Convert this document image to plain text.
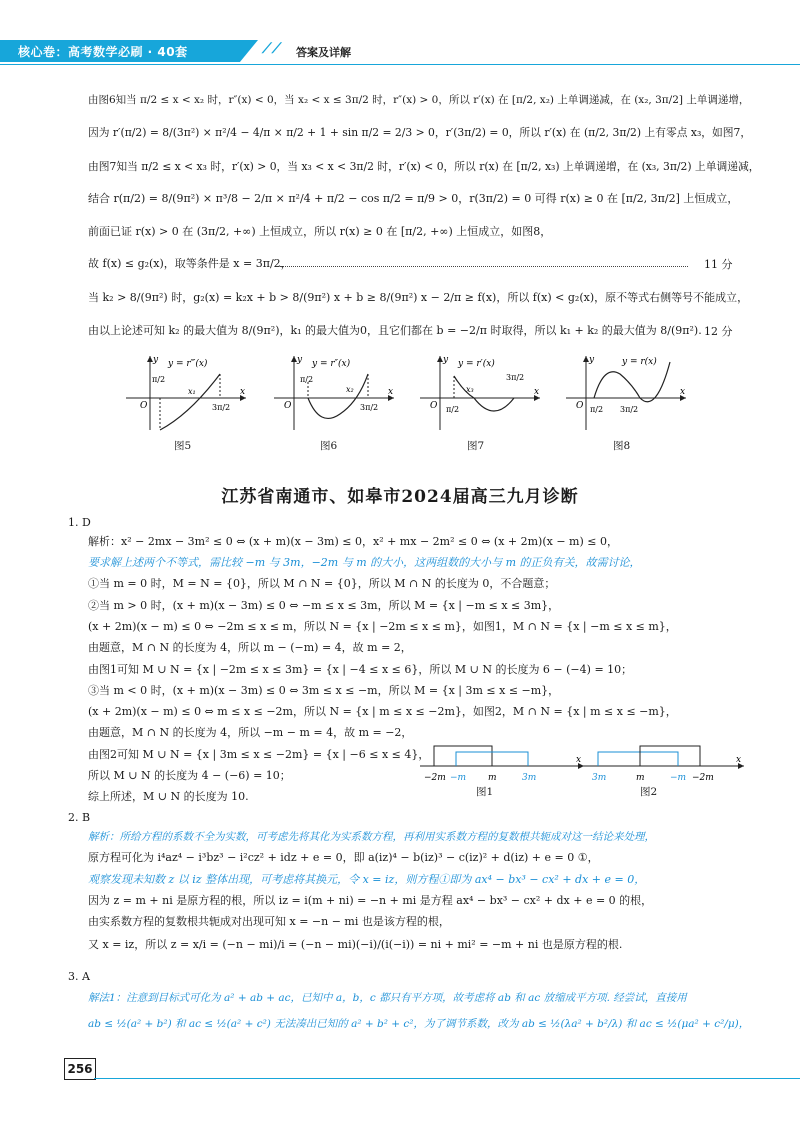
核心卷：高考数学必刷 · 40套	⟋⟋ 答案及详解
由图6知当 π/2 ≤ x < x₂ 时，r″(x) < 0，当 x₂ < x ≤ 3π/2 时，r″(x) > 0，所以 r′(x) 在 [π/2, x₂) 上单调递减，在 (x₂, 3π/2] 上单调递增，
因为 r′(π/2) = 8/(3π²) × π²/4 − 4/π × π/2 + 1 + sin π/2 = 2/3 > 0，r′(3π/2) = 0，所以 r′(x) 在 (π/2, 3π/2) 上有零点 x₃，如图7，
由图7知当 π/2 ≤ x < x₃ 时，r′(x) > 0，当 x₃ < x < 3π/2 时，r′(x) < 0，所以 r(x) 在 [π/2, x₃) 上单调递增，在 (x₃, 3π/2) 上单调递减，
结合 r(π/2) = 8/(9π²) × π³/8 − 2/π × π²/4 + π/2 − cos π/2 = π/9 > 0，r(3π/2) = 0 可得 r(x) ≥ 0 在 [π/2, 3π/2] 上恒成立，
前面已证 r(x) > 0 在 (3π/2, +∞) 上恒成立，所以 r(x) ≥ 0 在 [π/2, +∞) 上恒成立，如图8，
故 f(x) ≤ g₂(x)，取等条件是 x = 3π/2，	11 分
当 k₂ > 8/(9π²) 时，g₂(x) = k₂x + b > 8/(9π²) x + b ≥ 8/(9π²) x − 2/π ≥ f(x)，所以 f(x) < g₂(x)，原不等式右侧等号不能成立，
由以上论述可知 k₂ 的最大值为 8/(9π²)，k₁ 的最大值为0，且它们都在 b = −2/π 时取得，所以 k₁ + k₂ 的最大值为 8/(9π²). 12 分
y
x
O
π/2
3π/2
x₁
y = r‴(x)
图5
y
x
O
π/2
3π/2
x₂
y = r″(x)
图6
y
x
O π/2
3π/2
x₃
y = r′(x)
图7
y
x
O π/2 3π/2
y = r(x)
图8
江苏省南通市、如皋市2024届高三九月诊断
1. D
解析：x² − 2mx − 3m² ≤ 0 ⇔ (x + m)(x − 3m) ≤ 0，x² + mx − 2m² ≤ 0 ⇔ (x + 2m)(x − m) ≤ 0，
要求解上述两个不等式，需比较 −m 与 3m，−2m 与 m 的大小，这两组数的大小与 m 的正负有关，故需讨论，
①当 m = 0 时，M = N = {0}，所以 M ∩ N = {0}，所以 M ∩ N 的长度为 0，不合题意；
②当 m > 0 时，(x + m)(x − 3m) ≤ 0 ⇔ −m ≤ x ≤ 3m，所以 M = {x | −m ≤ x ≤ 3m}，
(x + 2m)(x − m) ≤ 0 ⇔ −2m ≤ x ≤ m，所以 N = {x | −2m ≤ x ≤ m}，如图1，M ∩ N = {x | −m ≤ x ≤ m}，
由题意，M ∩ N 的长度为 4，所以 m − (−m) = 4，故 m = 2，
由图1可知 M ∪ N = {x | −2m ≤ x ≤ 3m} = {x | −4 ≤ x ≤ 6}，所以 M ∪ N 的长度为 6 − (−4) = 10；
③当 m < 0 时，(x + m)(x − 3m) ≤ 0 ⇔ 3m ≤ x ≤ −m，所以 M = {x | 3m ≤ x ≤ −m}，
(x + 2m)(x − m) ≤ 0 ⇔ m ≤ x ≤ −2m，所以 N = {x | m ≤ x ≤ −2m}，如图2，M ∩ N = {x | m ≤ x ≤ −m}，
由题意，M ∩ N 的长度为 4，所以 −m − m = 4，故 m = −2，
由图2可知 M ∪ N = {x | 3m ≤ x ≤ −2m} = {x | −6 ≤ x ≤ 4}，
所以 M ∪ N 的长度为 4 − (−6) = 10；
综上所述，M ∪ N 的长度为 10.
−2m −m m	3m
x
图1
3m	m	−m −2m
x
图2
2. B
解析：所给方程的系数不全为实数，可考虑先将其化为实系数方程，再利用实系数方程的复数根共轭成对这一结论来处理，
原方程可化为 i⁴az⁴ − i³bz³ − i²cz² + idz + e = 0，即 a(iz)⁴ − b(iz)³ − c(iz)² + d(iz) + e = 0 ①，
观察发现未知数 z 以 iz 整体出现，可考虑将其换元，令 x = iz，则方程①即为 ax⁴ − bx³ − cx² + dx + e = 0，
因为 z = m + ni 是原方程的根，所以 iz = i(m + ni) = −n + mi 是方程 ax⁴ − bx³ − cx² + dx + e = 0 的根，
由实系数方程的复数根共轭成对出现可知 x = −n − mi 也是该方程的根，
又 x = iz，所以 z = x/i = (−n − mi)/i = (−n − mi)(−i)/(i(−i)) = ni + mi² = −m + ni 也是原方程的根.
3. A
解法1：注意到目标式可化为 a² + ab + ac，已知中 a，b，c 都只有平方项，故考虑将 ab 和 ac 放缩成平方项. 经尝试，直接用
ab ≤ ½(a² + b²) 和 ac ≤ ½(a² + c²) 无法凑出已知的 a² + b² + c²，为了调节系数，改为 ab ≤ ½(λa² + b²/λ) 和 ac ≤ ½(μa² + c²/μ)，
256
